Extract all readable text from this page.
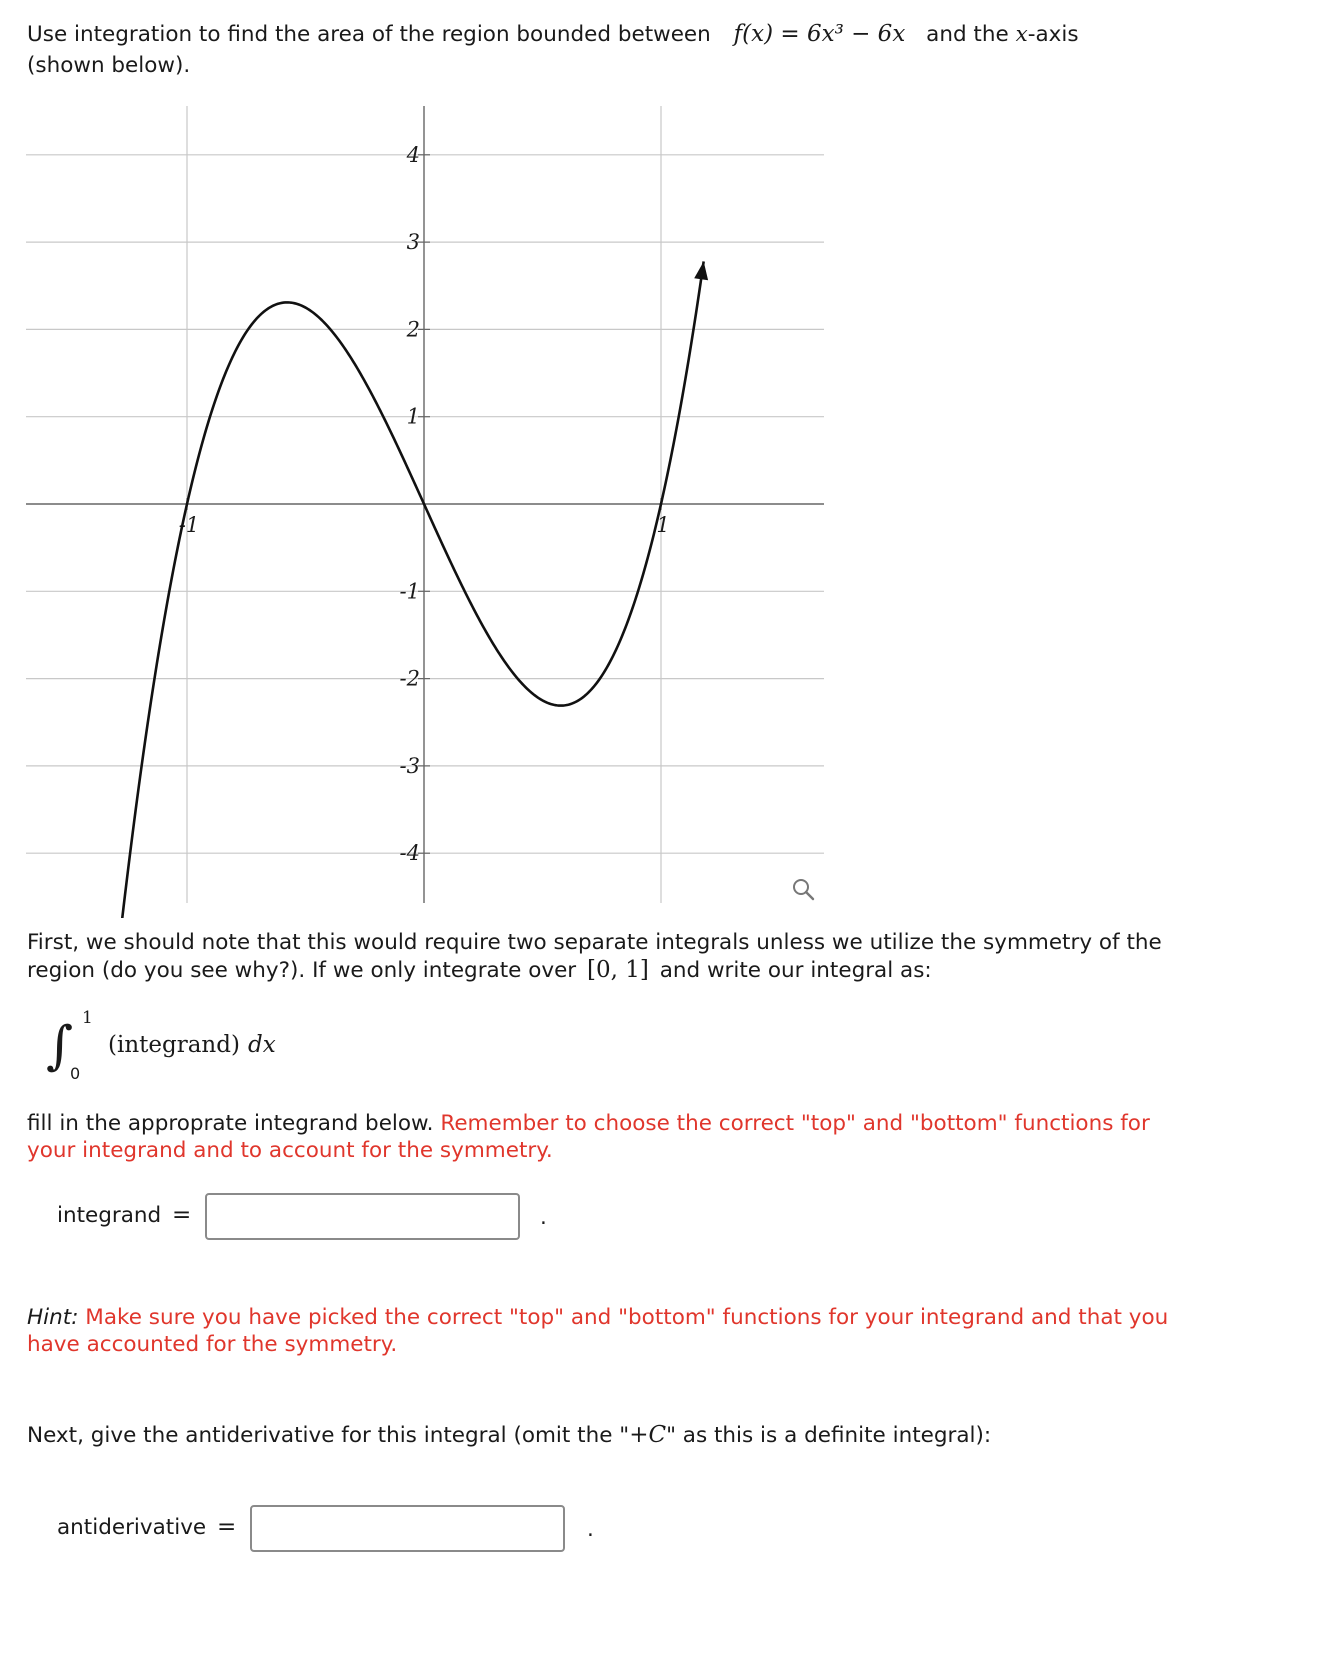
Use integration to find the area of the region bounded between f(x) = 6x³ − 6x and the x-axis
(shown below).
-4
-3
-2
-1
1
2
3
4
-1	1
First, we should note that this would require two separate integrals unless we utilize the symmetry of the
region (do you see why?). If we only integrate over [0, 1] and write our integral as:
∫ 1
0
(integrand) dx
fill in the approprate integrand below. Remember to choose the correct "top" and "bottom" functions for
your integrand and to account for the symmetry.
integrand =	.
Hint: Make sure you have picked the correct "top" and "bottom" functions for your integrand and that you
have accounted for the symmetry.
Next, give the antiderivative for this integral (omit the "+C" as this is a definite integral):
antiderivative =	.
